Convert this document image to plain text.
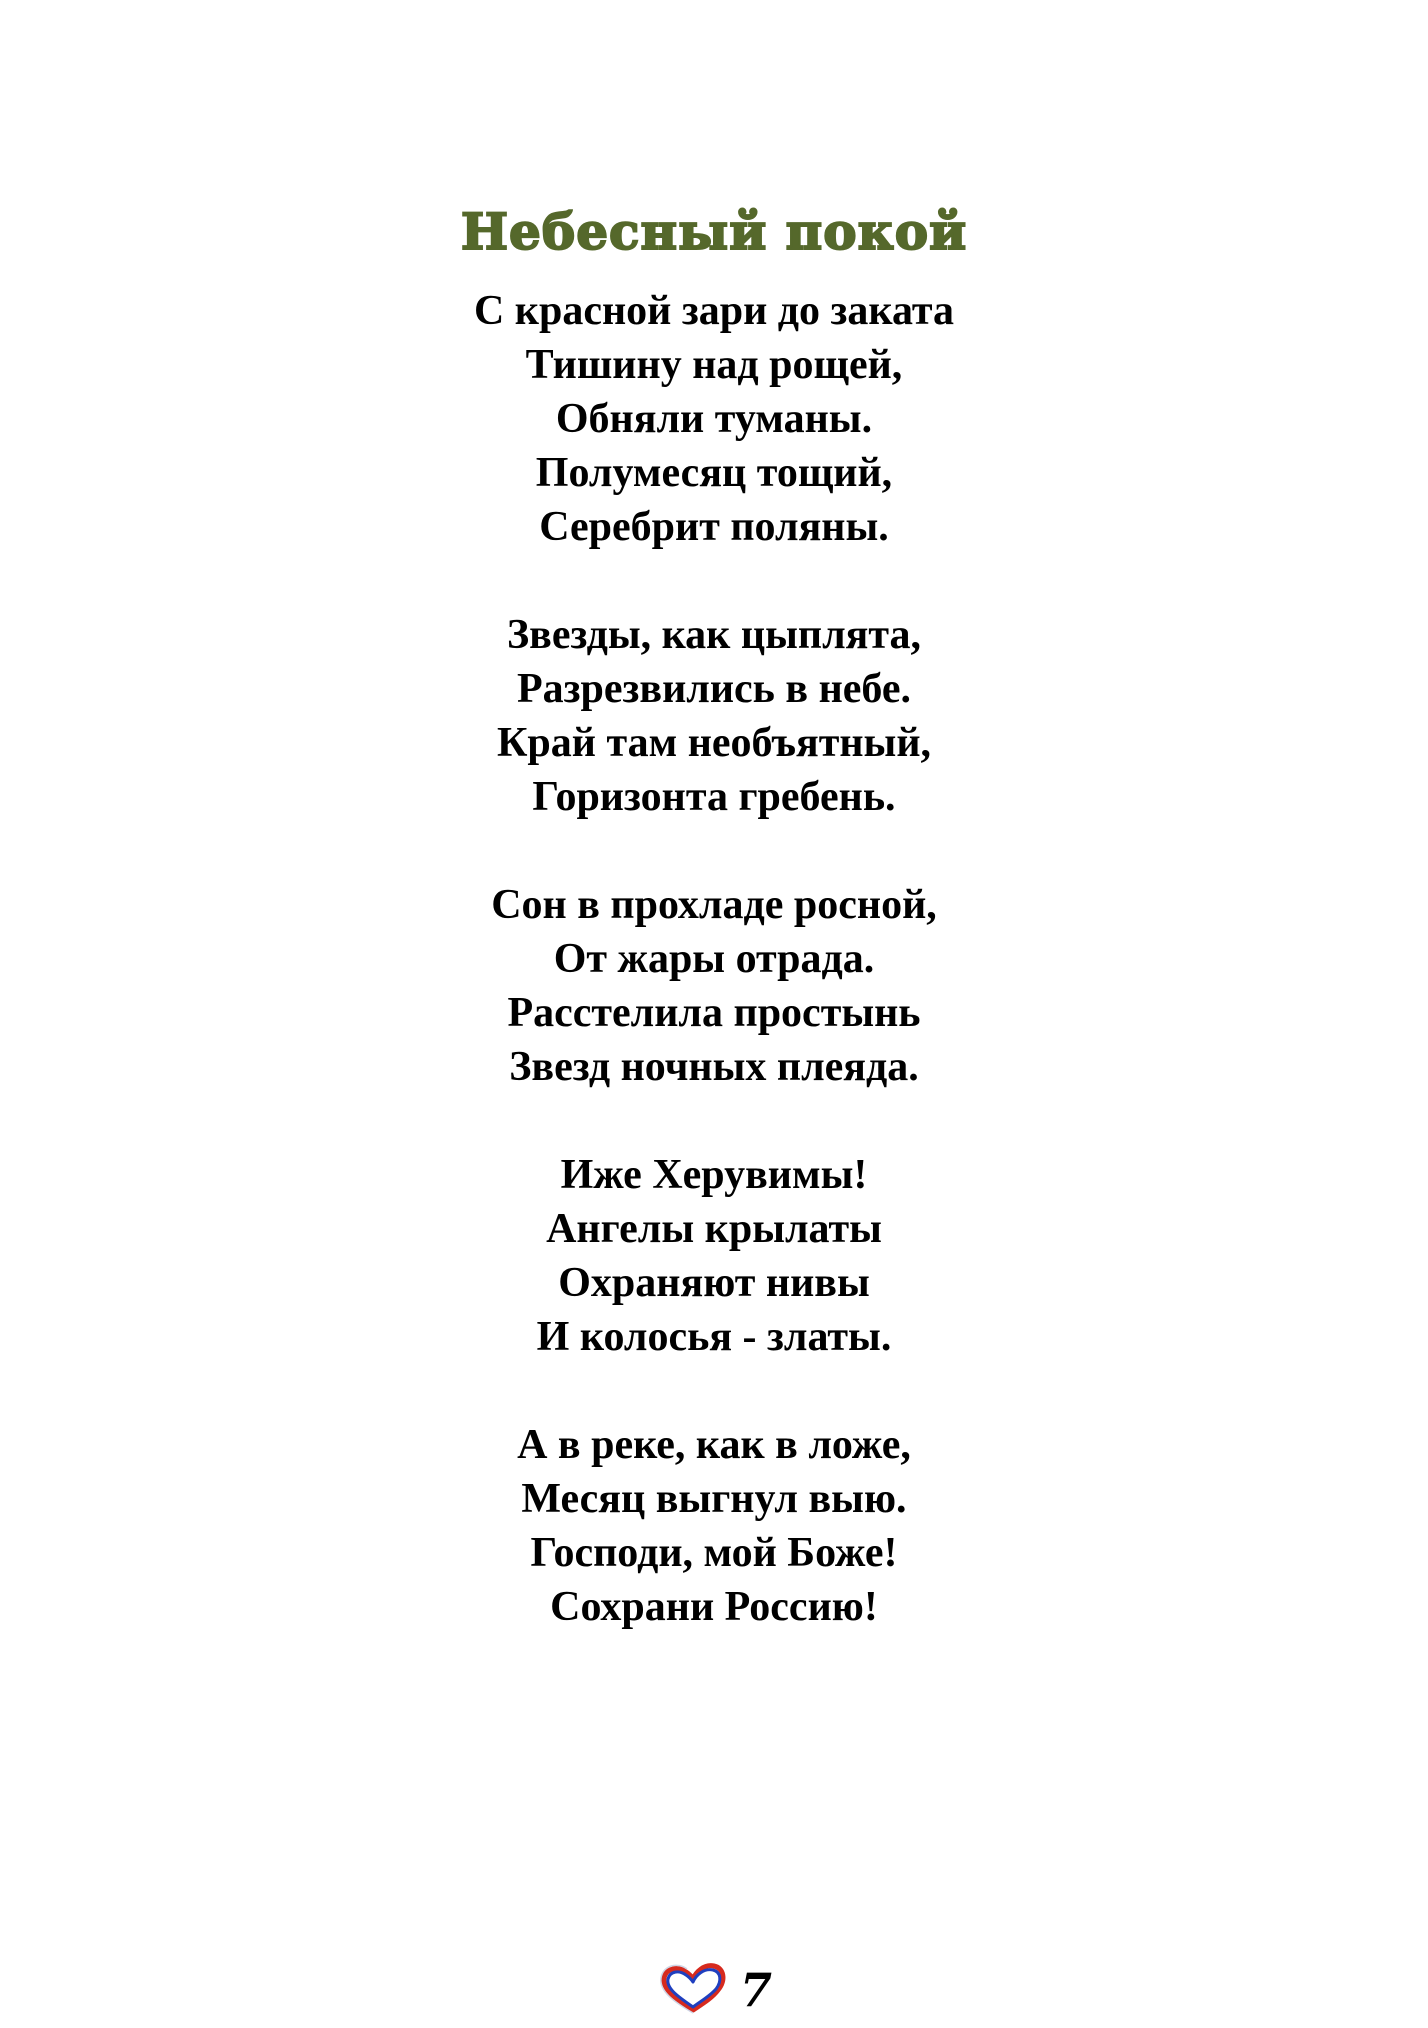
Небесный покой
С красной зари до заката
Тишину над рощей,
Обняли туманы.
Полумесяц тощий,
Серебрит поляны.
Звезды, как цыплята,
Разрезвились в небе.
Край там необъятный,
Горизонта гребень.
Сон в прохладе росной,
От жары отрада.
Расстелила простынь
Звезд ночных плеяда.
Иже Херувимы!
Ангелы крылаты
Охраняют нивы
И колосья - златы.
А в реке, как в ложе,
Месяц выгнул выю.
Господи, мой Боже!
Сохрани Россию!
7
